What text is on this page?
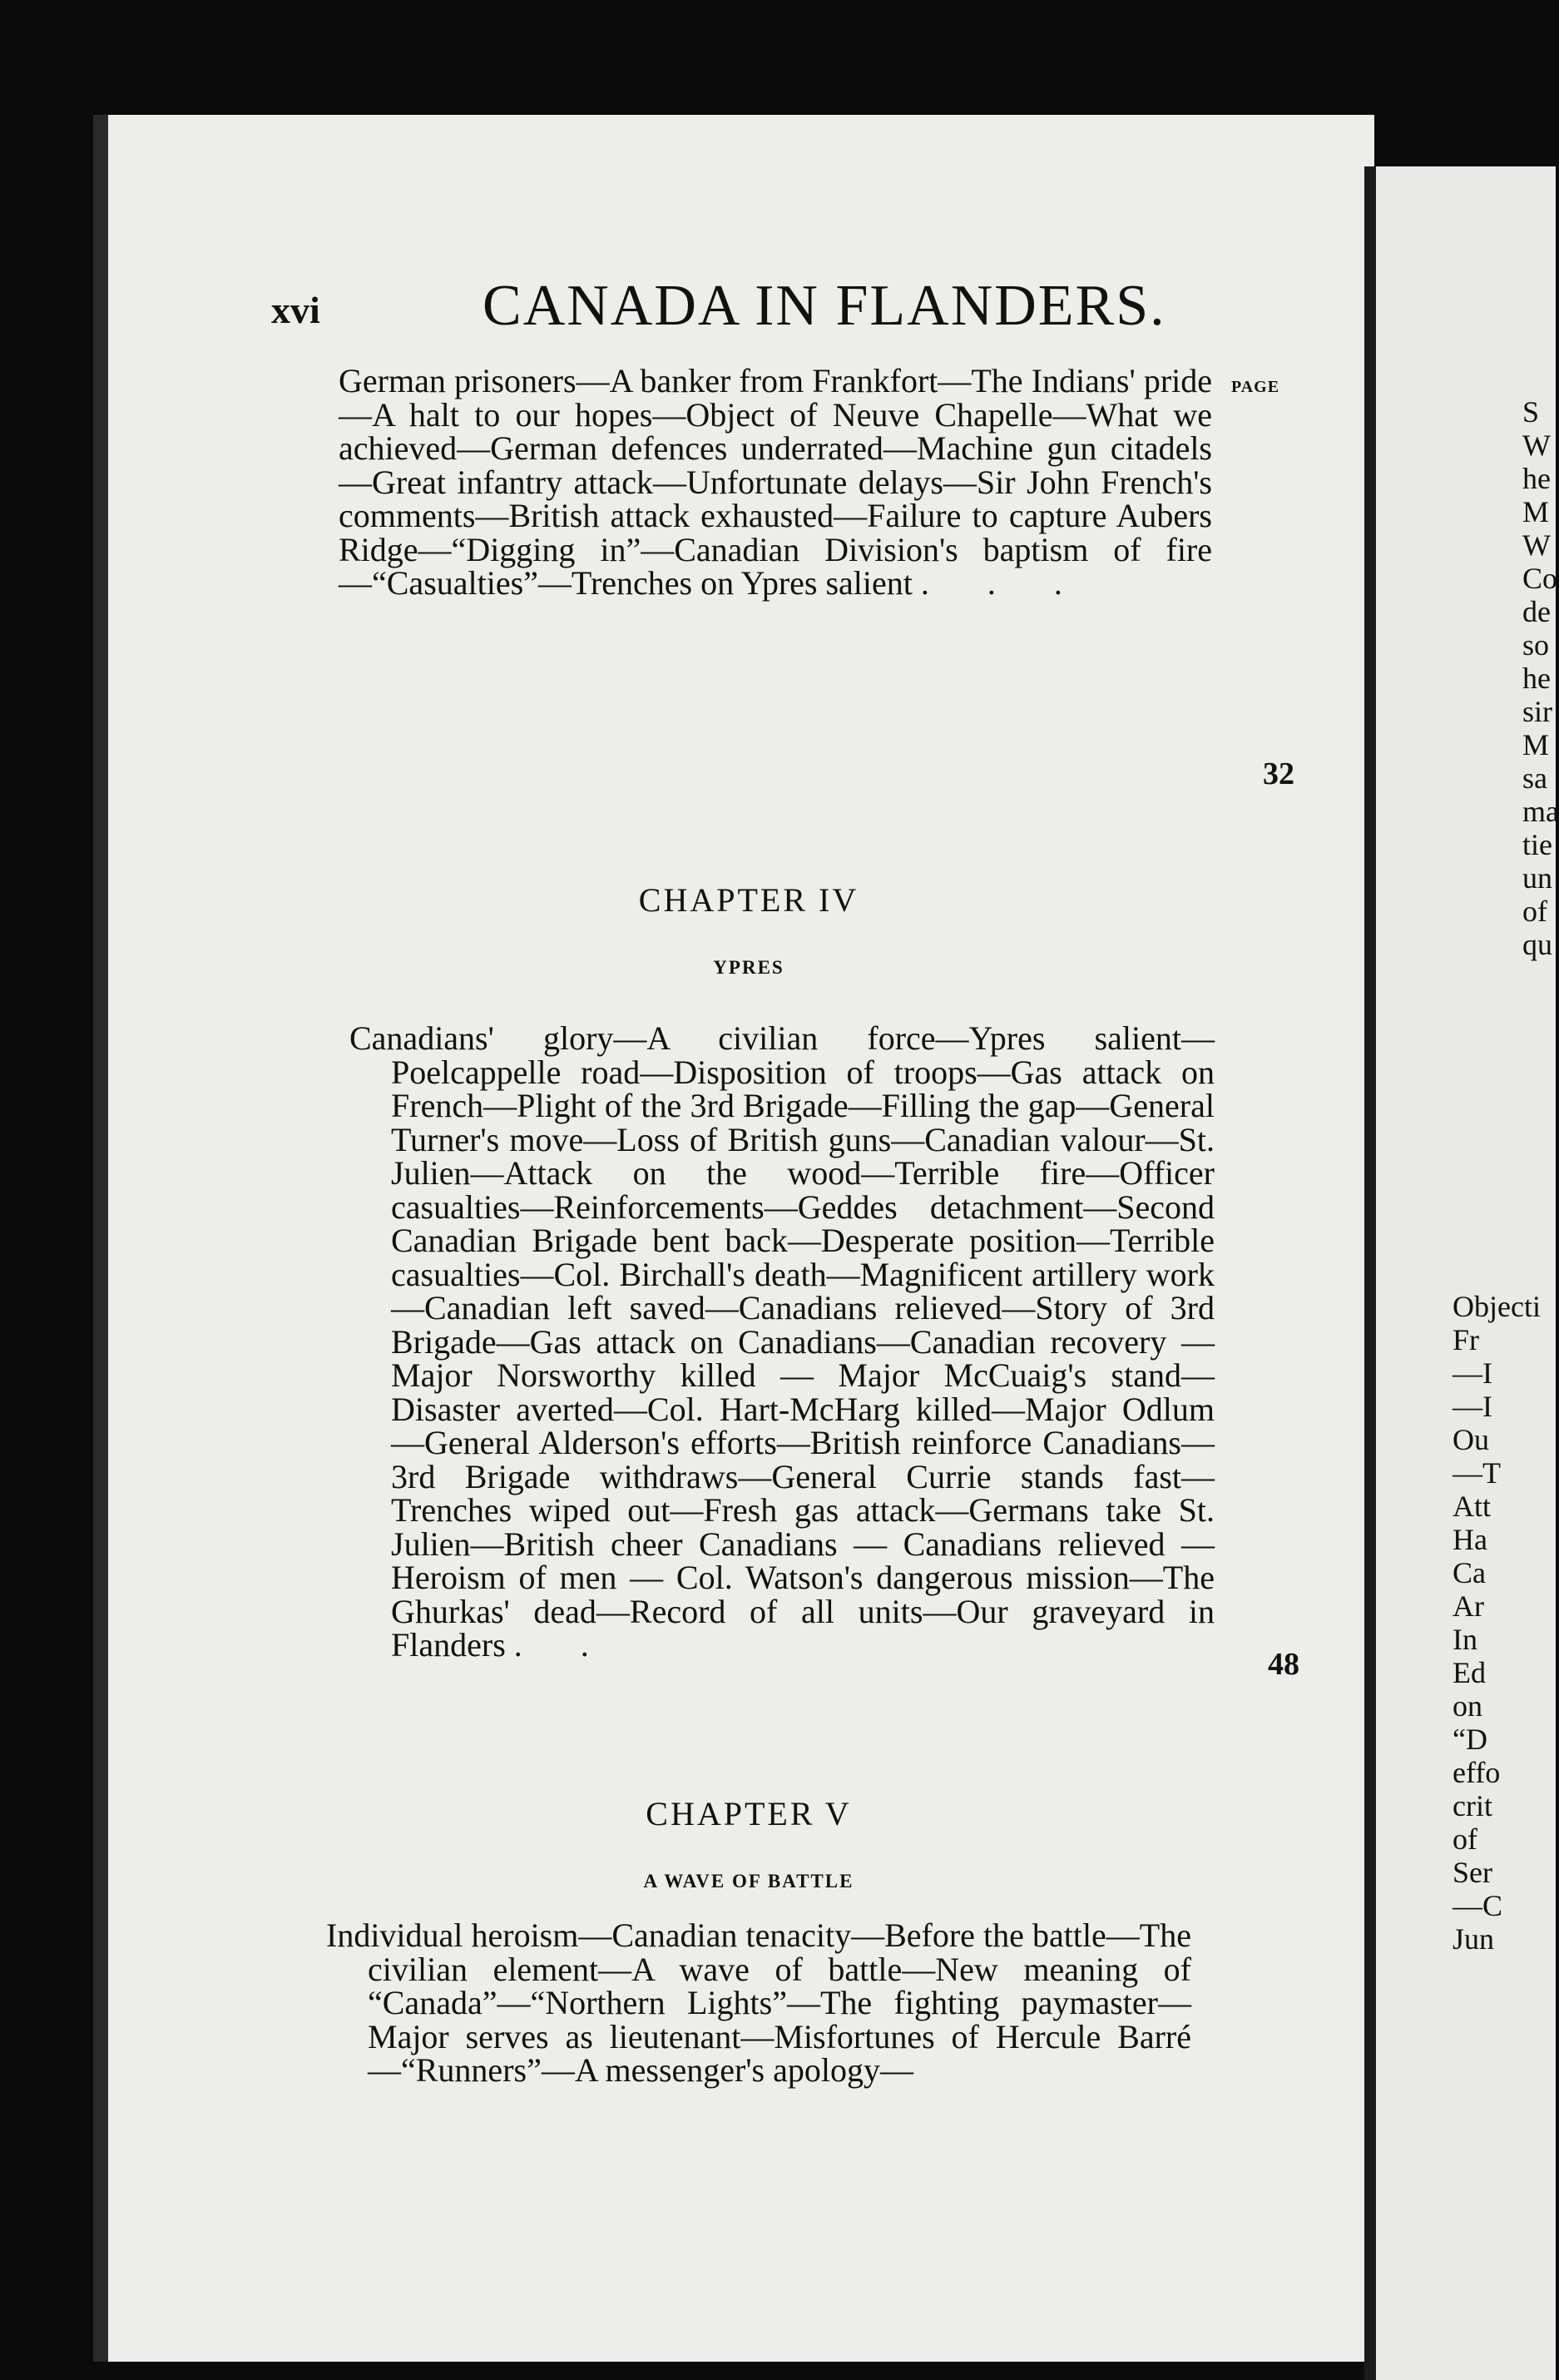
xvi	CANADA IN FLANDERS.
PAGE
German prisoners—A banker from Frankfort—The Indians' pride—A halt to our hopes—Object of Neuve Chapelle—What we achieved—German defences underrated—Machine gun citadels—Great infantry attack—Unfortunate delays—Sir John French's comments—British attack exhausted—Failure to capture Aubers Ridge—“Digging in”—Canadian Division's baptism of fire—“Casualties”—Trenches on Ypres salient . . .
32
CHAPTER IV
YPRES
Canadians' glory—A civilian force—Ypres salient—Poelcappelle road—Disposition of troops—Gas attack on French—Plight of the 3rd Brigade—Filling the gap—General Turner's move—Loss of British guns—Canadian valour—St. Julien—Attack on the wood—Terrible fire—Officer casualties—Reinforcements—Geddes detachment—Second Canadian Brigade bent back—Desperate position—Terrible casualties—Col. Birchall's death—Magnificent artillery work—Canadian left saved—Canadians relieved—Story of 3rd Brigade—Gas attack on Canadians—Canadian recovery — Major Norsworthy killed — Major McCuaig's stand—Disaster averted—Col. Hart-McHarg killed—Major Odlum—General Alderson's efforts—British reinforce Canadians—3rd Brigade withdraws—General Currie stands fast—Trenches wiped out—Fresh gas attack—Germans take St. Julien—British cheer Canadians — Canadians relieved — Heroism of men — Col. Watson's dangerous mission—The Ghurkas' dead—Record of all units—Our graveyard in Flanders . .
48
CHAPTER V
A WAVE OF BATTLE
Individual heroism—Canadian tenacity—Before the battle—The civilian element—A wave of battle—New meaning of “Canada”—“Northern Lights”—The fighting paymaster—Major serves as lieutenant—Misfortunes of Hercule Barré—“Runners”—A messenger's apology—
S
W
he
M
W
Co
de
so
he
sir
M
sa
ma
tie
un
of
qu
Objecti
Fr
—I
—I
Ou
—T
Att
Ha
Ca
Ar
In
Ed
on
“D
effo
crit
of
Ser
—C
Jun
